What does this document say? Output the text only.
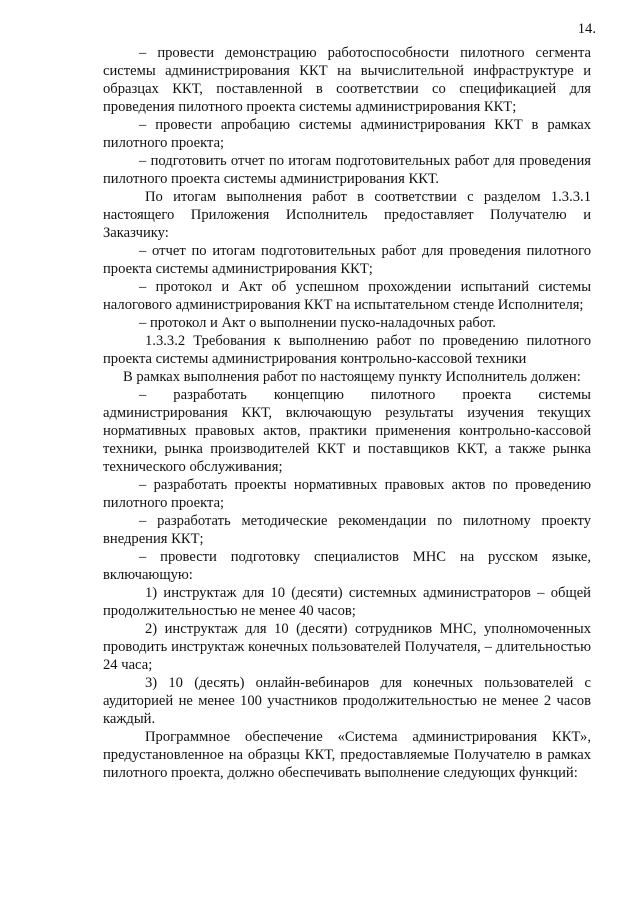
14.

– провести демонстрацию работоспособности пилотного сегмента системы администрирования ККТ на вычислительной инфраструктуре и образцах ККТ, поставленной в соответствии со спецификацией для проведения пилотного проекта системы администрирования ККТ;

– провести апробацию системы администрирования ККТ в рамках пилотного проекта;

– подготовить отчет по итогам подготовительных работ для проведения пилотного проекта системы администрирования ККТ.

По итогам выполнения работ в соответствии с разделом 1.3.3.1 настоящего Приложения Исполнитель предоставляет Получателю и Заказчику:

– отчет по итогам подготовительных работ для проведения пилотного проекта системы администрирования ККТ;

– протокол и Акт об успешном прохождении испытаний системы налогового администрирования ККТ на испытательном стенде Исполнителя;

– протокол и Акт о выполнении пуско-наладочных работ.

1.3.3.2 Требования к выполнению работ по проведению пилотного проекта системы администрирования контрольно-кассовой техники

В рамках выполнения работ по настоящему пункту Исполнитель должен:

– разработать концепцию пилотного проекта системы администрирования ККТ, включающую результаты изучения текущих нормативных правовых актов, практики применения контрольно-кассовой техники, рынка производителей ККТ и поставщиков ККТ, а также рынка технического обслуживания;

– разработать проекты нормативных правовых актов по проведению пилотного проекта;

– разработать методические рекомендации по пилотному проекту внедрения ККТ;

– провести подготовку специалистов МНС на русском языке, включающую:

1) инструктаж для 10 (десяти) системных администраторов – общей продолжительностью не менее 40 часов;

2) инструктаж для 10 (десяти) сотрудников МНС, уполномоченных проводить инструктаж конечных пользователей Получателя, – длительностью 24 часа;

3) 10 (десять) онлайн-вебинаров для конечных пользователей с аудиторией не менее 100 участников продолжительностью не менее 2 часов каждый.

Программное обеспечение «Система администрирования ККТ», предустановленное на образцы ККТ, предоставляемые Получателю в рамках пилотного проекта, должно обеспечивать выполнение следующих функций:
